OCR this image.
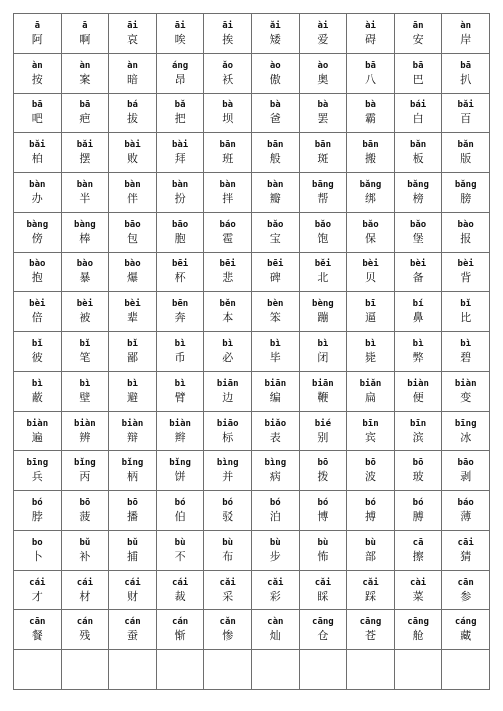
ā
阿
ā
啊
āi
哀
āi
唉
āi
挨
ǎi
矮
ài
爱
ài
碍
ān
安
àn
岸
àn
按
àn
案
àn
暗
áng
昂
ǎo
袄
ào
傲
ào
奥
bā
八
bā
巴
bā
扒
bā
吧
bā
疤
bá
拔
bǎ
把
bà
坝
bà
爸
bà
罢
bà
霸
bái
白
bǎi
百
bǎi
柏
bǎi
摆
bài
败
bài
拜
bān
班
bān
般
bān
斑
bān
搬
bǎn
板
bǎn
版
bàn
办
bàn
半
bàn
伴
bàn
扮
bàn
拌
bàn
瓣
bāng
帮
bǎng
绑
bǎng
榜
bǎng
膀
bàng
傍
bàng
棒
bāo
包
bāo
胞
báo
雹
bǎo
宝
bǎo
饱
bǎo
保
bǎo
堡
bào
报
bào
抱
bào
暴
bào
爆
bēi
杯
bēi
悲
bēi
碑
běi
北
bèi
贝
bèi
备
bèi
背
bèi
倍
bèi
被
bèi
辈
bēn
奔
běn
本
bèn
笨
bèng
蹦
bī
逼
bí
鼻
bǐ
比
bǐ
彼
bǐ
笔
bǐ
鄙
bì
币
bì
必
bì
毕
bì
闭
bì
毙
bì
弊
bì
碧
bì
蔽
bì
壁
bì
避
bì
臂
biān
边
biān
编
biān
鞭
biǎn
扁
biàn
便
biàn
变
biàn
遍
biàn
辨
biàn
辩
biàn
辫
biāo
标
biǎo
表
bié
别
bīn
宾
bīn
滨
bīng
冰
bīng
兵
bǐng
丙
bǐng
柄
bǐng
饼
bìng
并
bìng
病
bō
拨
bō
波
bō
玻
bāo
剥
bó
脖
bō
菠
bō
播
bó
伯
bó
驳
bó
泊
bó
博
bó
搏
bó
膊
báo
薄
bo
卜
bǔ
补
bǔ
捕
bù
不
bù
布
bù
步
bù
怖
bù
部
cā
擦
cāi
猜
cái
才
cái
材
cái
财
cái
裁
cǎi
采
cǎi
彩
cǎi
睬
cǎi
踩
cài
菜
cān
参
cān
餐
cán
残
cán
蚕
cán
惭
cǎn
惨
càn
灿
cāng
仓
cāng
苍
cāng
舱
cáng
藏
